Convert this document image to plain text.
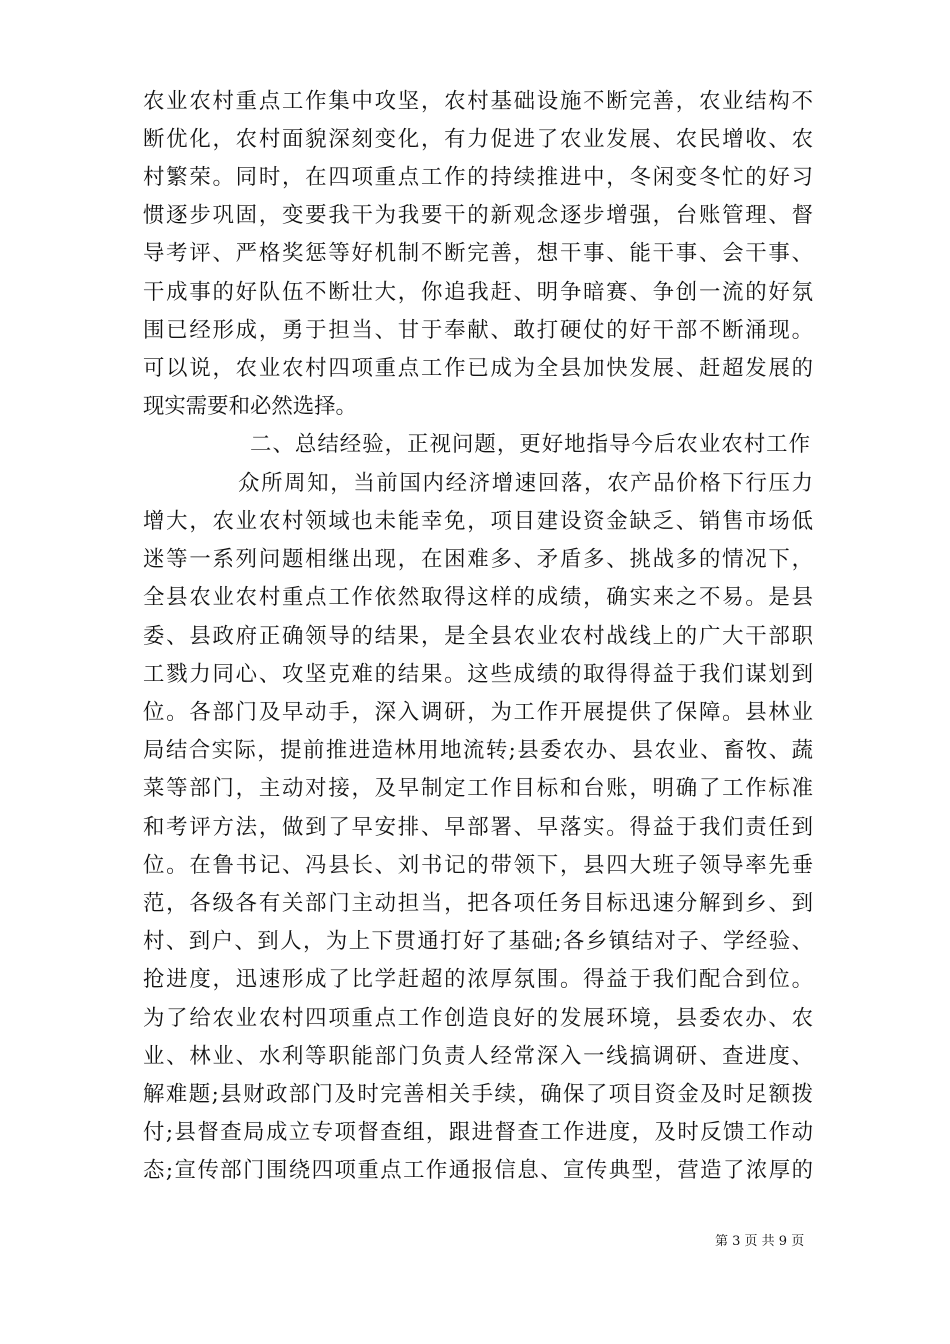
农业农村重点工作集中攻坚，农村基础设施不断完善，农业结构不
断优化，农村面貌深刻变化，有力促进了农业发展、农民增收、农
村繁荣。同时，在四项重点工作的持续推进中，冬闲变冬忙的好习
惯逐步巩固，变要我干为我要干的新观念逐步增强，台账管理、督
导考评、严格奖惩等好机制不断完善，想干事、能干事、会干事、
干成事的好队伍不断壮大，你追我赶、明争暗赛、争创一流的好氛
围已经形成，勇于担当、甘于奉献、敢打硬仗的好干部不断涌现。
可以说，农业农村四项重点工作已成为全县加快发展、赶超发展的
现实需要和必然选择。
二、总结经验，正视问题，更好地指导今后农业农村工作
众所周知，当前国内经济增速回落，农产品价格下行压力
增大，农业农村领域也未能幸免，项目建设资金缺乏、销售市场低
迷等一系列问题相继出现，在困难多、矛盾多、挑战多的情况下，
全县农业农村重点工作依然取得这样的成绩，确实来之不易。是县
委、县政府正确领导的结果，是全县农业农村战线上的广大干部职
工戮力同心、攻坚克难的结果。这些成绩的取得得益于我们谋划到
位。各部门及早动手，深入调研，为工作开展提供了保障。县林业
局结合实际，提前推进造林用地流转;县委农办、县农业、畜牧、蔬
菜等部门，主动对接，及早制定工作目标和台账，明确了工作标准
和考评方法，做到了早安排、早部署、早落实。得益于我们责任到
位。在鲁书记、冯县长、刘书记的带领下，县四大班子领导率先垂
范，各级各有关部门主动担当，把各项任务目标迅速分解到乡、到
村、到户、到人，为上下贯通打好了基础;各乡镇结对子、学经验、
抢进度，迅速形成了比学赶超的浓厚氛围。得益于我们配合到位。
为了给农业农村四项重点工作创造良好的发展环境，县委农办、农
业、林业、水利等职能部门负责人经常深入一线搞调研、查进度、
解难题;县财政部门及时完善相关手续，确保了项目资金及时足额拨
付;县督查局成立专项督查组，跟进督查工作进度，及时反馈工作动
态;宣传部门围绕四项重点工作通报信息、宣传典型，营造了浓厚的
第 3 页 共 9 页
